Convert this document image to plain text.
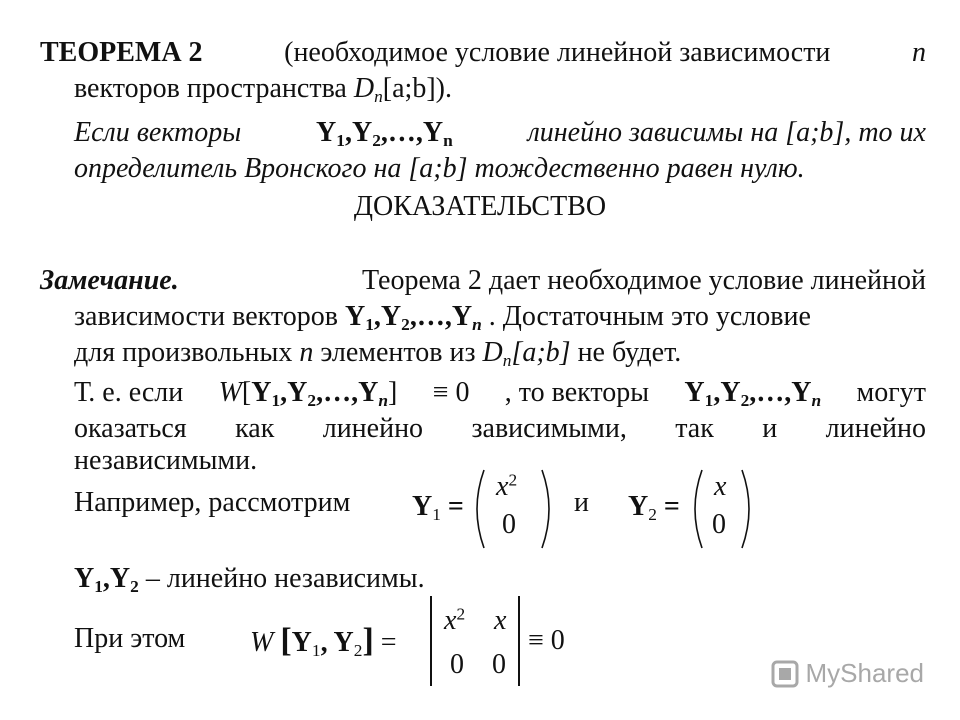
ТЕОРЕМА 2	(необходимое условие линейной зависимости	n
векторов пространства $D_n[a;b]$).
Если векторы	$Y_1,Y_2,\dots,Y_n$	линейно зависимы на [a;b], то их
определитель Вронского на [a;b] тождественно равен нулю.
ДОКАЗАТЕЛЬСТВО
Замечание.	Теорема 2 дает необходимое условие линейной
зависимости векторов $Y_1,Y_2,\dots,Y_n$ . Достаточным это условие
для произвольных n элементов из $D_n[a;b]$ не будет.
Т. е. если $W[Y_1,Y_2,\dots,Y_n] \equiv 0$ , то векторы $Y_1,Y_2,\dots,Y_n$ могут
оказаться как линейно зависимыми, так и линейно
независимыми.
Например, рассмотрим $Y_1$ =
$x^2$
0
и $Y_2$ =
x
0
$Y_1,Y_2$ – линейно независимы.
При этом W [$Y_1$, $Y_2$] =
$x^2$ x
0 0
≡ 0
MyShared
